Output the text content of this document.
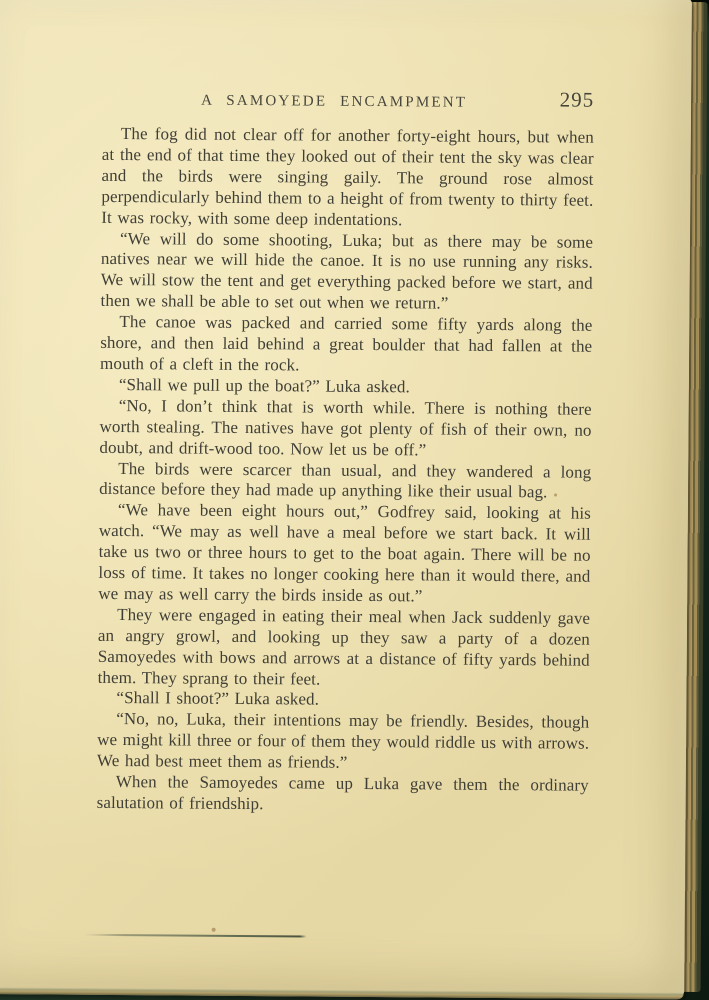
A SAMOYEDE ENCAMPMENT	295

The fog did not clear off for another forty-eight hours, but when at the end of that time they looked out of their tent the sky was clear and the birds were singing gaily. The ground rose almost perpendicularly behind them to a height of from twenty to thirty feet. It was rocky, with some deep indentations.

“We will do some shooting, Luka; but as there may be some natives near we will hide the canoe. It is no use running any risks. We will stow the tent and get everything packed before we start, and then we shall be able to set out when we return.”

The canoe was packed and carried some fifty yards along the shore, and then laid behind a great boulder that had fallen at the mouth of a cleft in the rock.

“Shall we pull up the boat?” Luka asked.

“No, I don’t think that is worth while. There is nothing there worth stealing. The natives have got plenty of fish of their own, no doubt, and drift-wood too. Now let us be off.”

The birds were scarcer than usual, and they wandered a long distance before they had made up anything like their usual bag.

“We have been eight hours out,” Godfrey said, looking at his watch. “We may as well have a meal before we start back. It will take us two or three hours to get to the boat again. There will be no loss of time. It takes no longer cooking here than it would there, and we may as well carry the birds inside as out.”

They were engaged in eating their meal when Jack suddenly gave an angry growl, and looking up they saw a party of a dozen Samoyedes with bows and arrows at a distance of fifty yards behind them. They sprang to their feet.

“Shall I shoot?” Luka asked.

“No, no, Luka, their intentions may be friendly. Besides, though we might kill three or four of them they would riddle us with arrows. We had best meet them as friends.”

When the Samoyedes came up Luka gave them the ordinary salutation of friendship.
